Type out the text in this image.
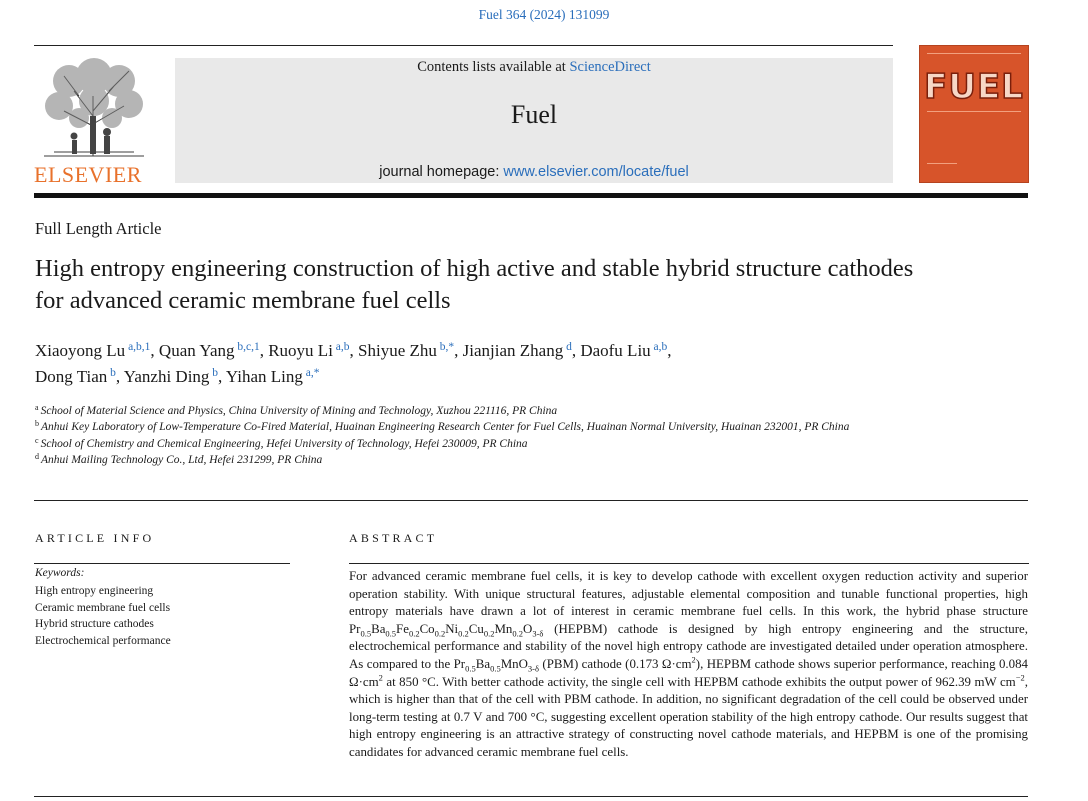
Fuel 364 (2024) 131099
ELSEVIER
Contents lists available at ScienceDirect
Fuel
journal homepage: www.elsevier.com/locate/fuel
FUEL
Full Length Article
High entropy engineering construction of high active and stable hybrid structure cathodes for advanced ceramic membrane fuel cells
Xiaoyong Lu $^{a,b,1}$, Quan Yang $^{b,c,1}$, Ruoyu Li $^{a,b}$, Shiyue Zhu $^{b,*}$, Jianjian Zhang $^d$, Daofu Liu $^{a,b}$,
Dong Tian $^b$, Yanzhi Ding $^b$, Yihan Ling $^{a,*}$
$^a$ School of Material Science and Physics, China University of Mining and Technology, Xuzhou 221116, PR China
$^b$ Anhui Key Laboratory of Low-Temperature Co-Fired Material, Huainan Engineering Research Center for Fuel Cells, Huainan Normal University, Huainan 232001, PR China
$^c$ School of Chemistry and Chemical Engineering, Hefei University of Technology, Hefei 230009, PR China
$^d$ Anhui Mailing Technology Co., Ltd, Hefei 231299, PR China
ARTICLE INFO
Keywords:
High entropy engineering
Ceramic membrane fuel cells
Hybrid structure cathodes
Electrochemical performance
ABSTRACT
For advanced ceramic membrane fuel cells, it is key to develop cathode with excellent oxygen reduction activity and superior operation stability. With unique structural features, adjustable elemental composition and tunable functional properties, high entropy materials have drawn a lot of interest in ceramic membrane fuel cells. In this work, the hybrid phase structure $Pr_{0.5}Ba_{0.5}Fe_{0.2}Co_{0.2}Ni_{0.2}Cu_{0.2}Mn_{0.2}O_{3-\delta}$ (HEPBM) cathode is designed by high entropy engineering and the structure, electrochemical performance and stability of the novel high entropy cathode are investigated detailed under operation atmosphere. As compared to the $Pr_{0.5}Ba_{0.5}MnO_{3-\delta}$ (PBM) cathode (0.173 $\Omega\cdot cm^2$), HEPBM cathode shows superior performance, reaching 0.084 $\Omega\cdot cm^2$ at 850 °C. With better cathode activity, the single cell with HEPBM cathode exhibits the output power of 962.39 mW $cm^{-2}$, which is higher than that of the cell with PBM cathode. In addition, no significant degradation of the cell could be observed under long-term testing at 0.7 V and 700 °C, suggesting excellent operation stability of the high entropy cathode. Our results suggest that high entropy engineering is an attractive strategy of constructing novel cathode materials, and HEPBM is one of the promising candidates for advanced ceramic membrane fuel cells.
